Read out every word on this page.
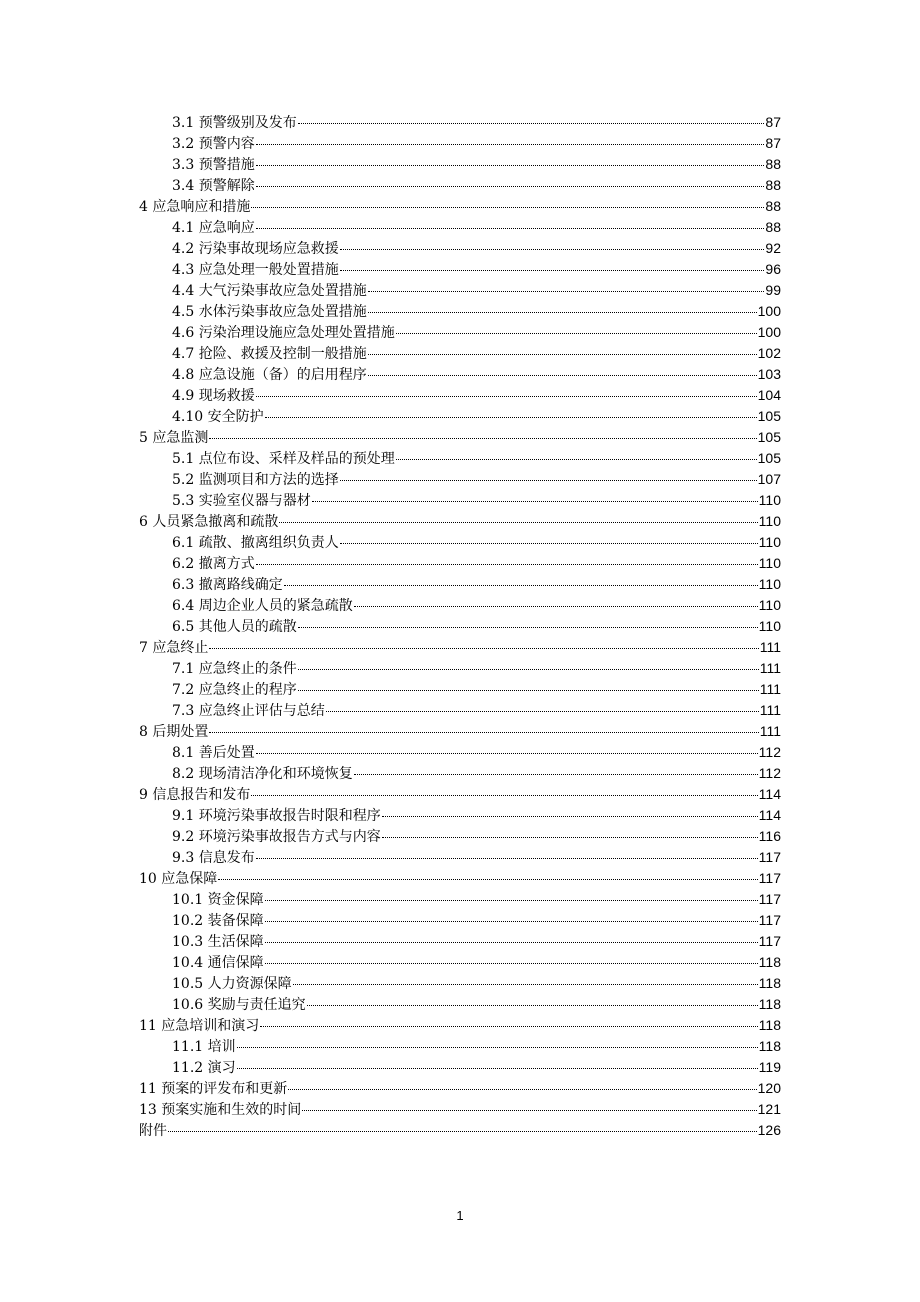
3.1 预警级别及发布	87
3.2 预警内容	87
3.3 预警措施	88
3.4 预警解除	88
4 应急响应和措施	88
4.1 应急响应	88
4.2 污染事故现场应急救援	92
4.3 应急处理一般处置措施	96
4.4 大气污染事故应急处置措施	99
4.5 水体污染事故应急处置措施	100
4.6 污染治理设施应急处理处置措施	100
4.7 抢险、救援及控制一般措施	102
4.8 应急设施（备）的启用程序	103
4.9 现场救援	104
4.10 安全防护	105
5 应急监测	105
5.1 点位布设、采样及样品的预处理	105
5.2 监测项目和方法的选择	107
5.3 实验室仪器与器材	110
6 人员紧急撤离和疏散	110
6.1 疏散、撤离组织负责人	110
6.2 撤离方式	110
6.3 撤离路线确定	110
6.4 周边企业人员的紧急疏散	110
6.5 其他人员的疏散	110
7 应急终止	111
7.1 应急终止的条件	111
7.2 应急终止的程序	111
7.3 应急终止评估与总结	111
8 后期处置	111
8.1 善后处置	112
8.2 现场清洁净化和环境恢复	112
9 信息报告和发布	114
9.1 环境污染事故报告时限和程序	114
9.2 环境污染事故报告方式与内容	116
9.3 信息发布	117
10 应急保障	117
10.1 资金保障	117
10.2 装备保障	117
10.3 生活保障	117
10.4 通信保障	118
10.5 人力资源保障	118
10.6 奖励与责任追究	118
11 应急培训和演习	118
11.1 培训	118
11.2 演习	119
11 预案的评发布和更新	120
13 预案实施和生效的时间	121
附件	126
1
